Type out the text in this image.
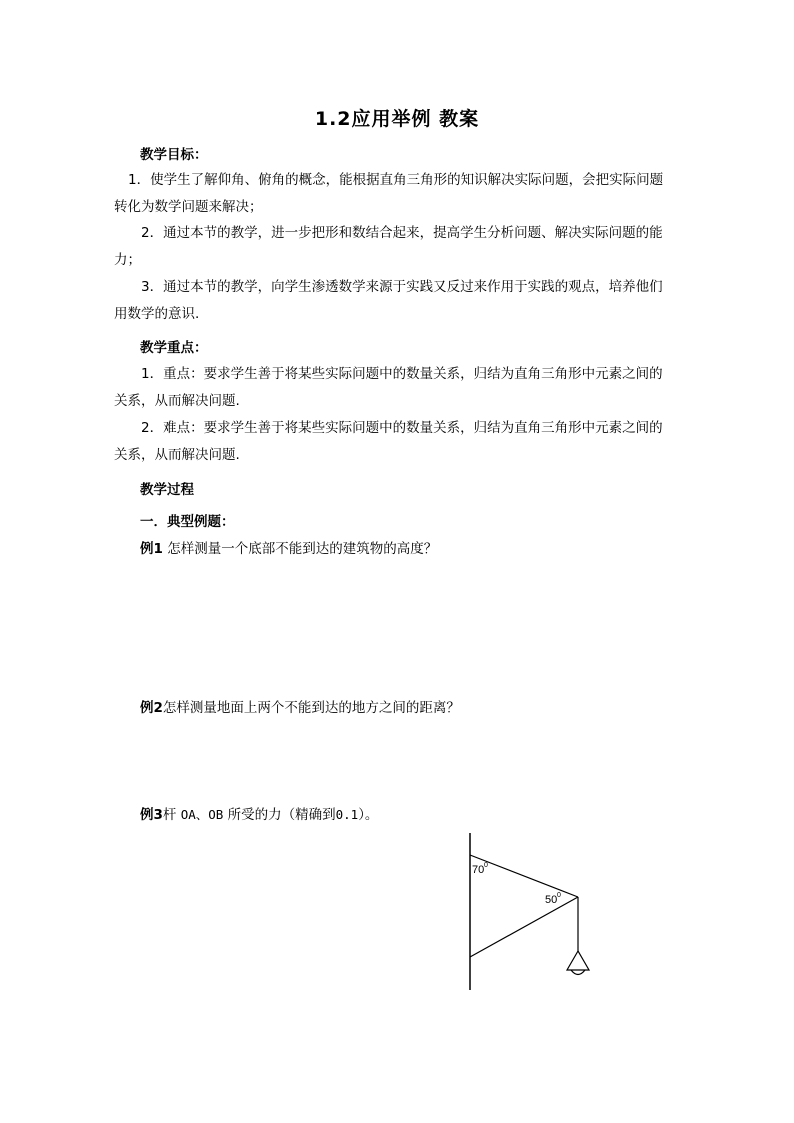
1.2应用举例 教案
教学目标：
1．使学生了解仰角、俯角的概念，能根据直角三角形的知识解决实际问题，会把实际问题
转化为数学问题来解决；
2．通过本节的教学，进一步把形和数结合起来，提高学生分析问题、解决实际问题的能
力；
3．通过本节的教学，向学生渗透数学来源于实践又反过来作用于实践的观点，培养他们
用数学的意识.
教学重点：
1．重点：要求学生善于将某些实际问题中的数量关系，归结为直角三角形中元素之间的
关系，从而解决问题.
2．难点：要求学生善于将某些实际问题中的数量关系，归结为直角三角形中元素之间的
关系，从而解决问题.
教学过程
一．典型例题：
例1 怎样测量一个底部不能到达的建筑物的高度？
例2怎样测量地面上两个不能到达的地方之间的距离？
例3杆 OA、OB 所受的力（精确到0.1）。
70 0
50 0
